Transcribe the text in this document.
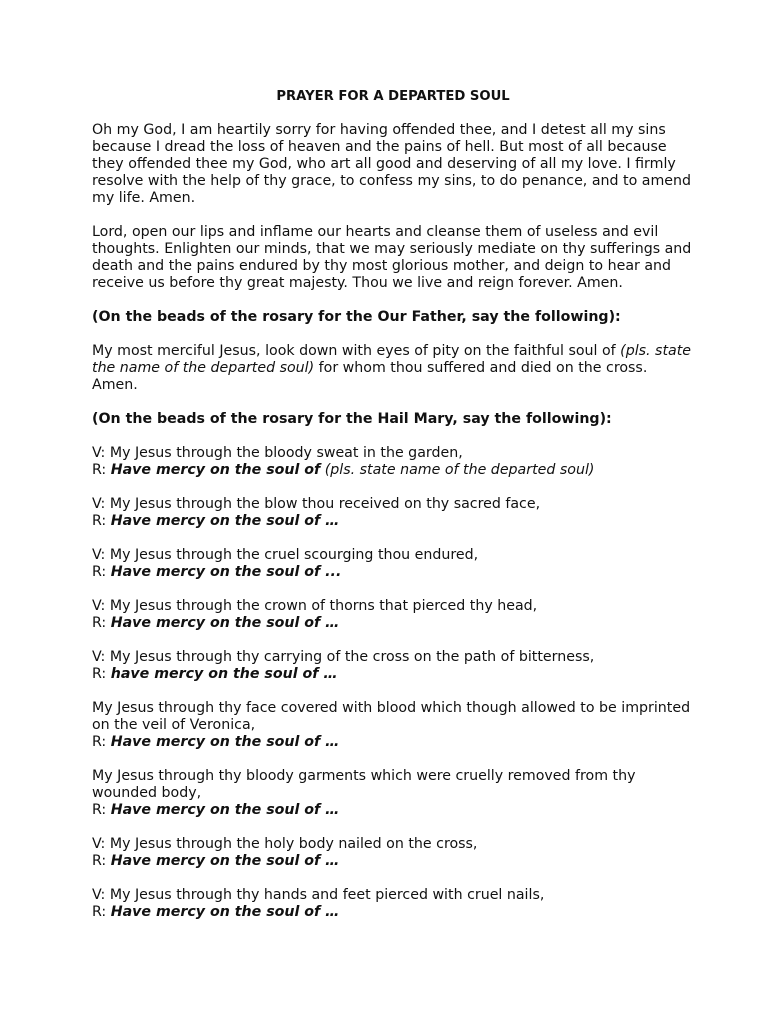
PRAYER FOR A DEPARTED SOUL

Oh my God, I am heartily sorry for having offended thee, and I detest all my sins because I dread the loss of heaven and the pains of hell. But most of all because they offended thee my God, who art all good and deserving of all my love. I firmly resolve with the help of thy grace, to confess my sins, to do penance, and to amend my life. Amen.

Lord, open our lips and inflame our hearts and cleanse them of useless and evil thoughts. Enlighten our minds, that we may seriously mediate on thy sufferings and death and the pains endured by thy most glorious mother, and deign to hear and receive us before thy great majesty. Thou we live and reign forever. Amen.

(On the beads of the rosary for the Our Father, say the following):

My most merciful Jesus, look down with eyes of pity on the faithful soul of (pls. state the name of the departed soul) for whom thou suffered and died on the cross. Amen.

(On the beads of the rosary for the Hail Mary, say the following):

V: My Jesus through the bloody sweat in the garden,
R: Have mercy on the soul of (pls. state name of the departed soul)

V: My Jesus through the blow thou received on thy sacred face,
R: Have mercy on the soul of …

V: My Jesus through the cruel scourging thou endured,
R: Have mercy on the soul of ...

V: My Jesus through the crown of thorns that pierced thy head,
R: Have mercy on the soul of …

V: My Jesus through thy carrying of the cross on the path of bitterness,
R: have mercy on the soul of …

My Jesus through thy face covered with blood which though allowed to be imprinted on the veil of Veronica,
R: Have mercy on the soul of …

My Jesus through thy bloody garments which were cruelly removed from thy wounded body,
R: Have mercy on the soul of …

V: My Jesus through the holy body nailed on the cross,
R: Have mercy on the soul of …

V: My Jesus through thy hands and feet pierced with cruel nails,
R: Have mercy on the soul of …
